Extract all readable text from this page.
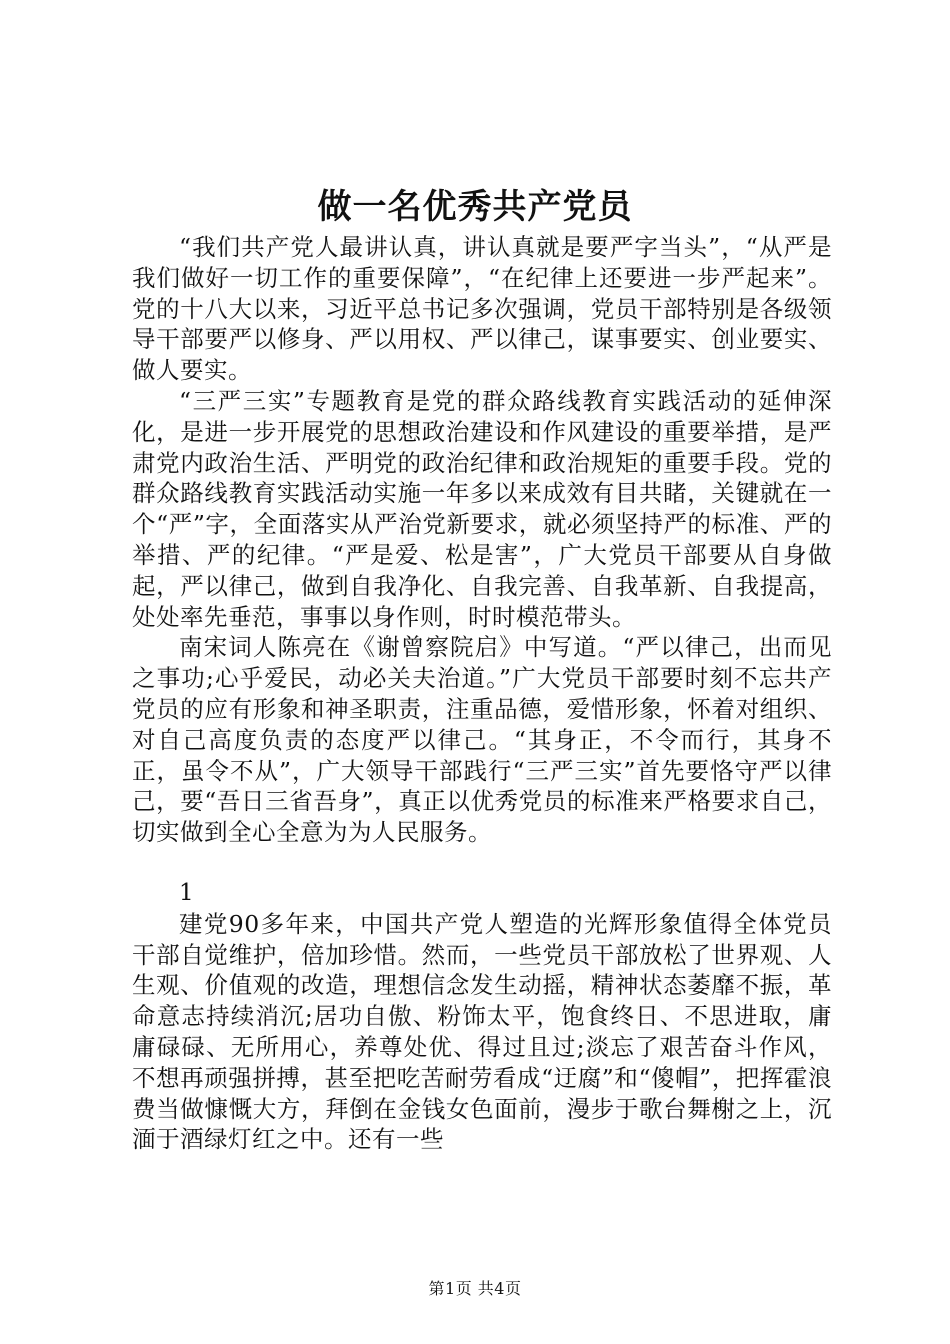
做一名优秀共产党员

“我们共产党人最讲认真，讲认真就是要严字当头”，“从严是我们做好一切工作的重要保障”，“在纪律上还要进一步严起来”。党的十八大以来，习近平总书记多次强调，党员干部特别是各级领导干部要严以修身、严以用权、严以律己，谋事要实、创业要实、做人要实。

“三严三实”专题教育是党的群众路线教育实践活动的延伸深化，是进一步开展党的思想政治建设和作风建设的重要举措，是严肃党内政治生活、严明党的政治纪律和政治规矩的重要手段。党的群众路线教育实践活动实施一年多以来成效有目共睹，关键就在一个“严”字，全面落实从严治党新要求，就必须坚持严的标准、严的举措、严的纪律。“严是爱、松是害”，广大党员干部要从自身做起，严以律己，做到自我净化、自我完善、自我革新、自我提高，处处率先垂范，事事以身作则，时时模范带头。

南宋词人陈亮在《谢曾察院启》中写道。“严以律己，出而见之事功;心乎爱民，动必关夫治道。”广大党员干部要时刻不忘共产党员的应有形象和神圣职责，注重品德，爱惜形象，怀着对组织、对自己高度负责的态度严以律己。“其身正，不令而行，其身不正，虽令不从”，广大领导干部践行“三严三实”首先要恪守严以律己，要“吾日三省吾身”，真正以优秀党员的标准来严格要求自己，切实做到全心全意为为人民服务。

1

建党90多年来，中国共产党人塑造的光辉形象值得全体党员干部自觉维护，倍加珍惜。然而，一些党员干部放松了世界观、人生观、价值观的改造，理想信念发生动摇，精神状态萎靡不振，革命意志持续消沉;居功自傲、粉饰太平，饱食终日、不思进取，庸庸碌碌、无所用心，养尊处优、得过且过;淡忘了艰苦奋斗作风，不想再顽强拼搏，甚至把吃苦耐劳看成“迂腐”和“傻帽”，把挥霍浪费当做慷慨大方，拜倒在金钱女色面前，漫步于歌台舞榭之上，沉湎于酒绿灯红之中。还有一些

第1页 共4页
